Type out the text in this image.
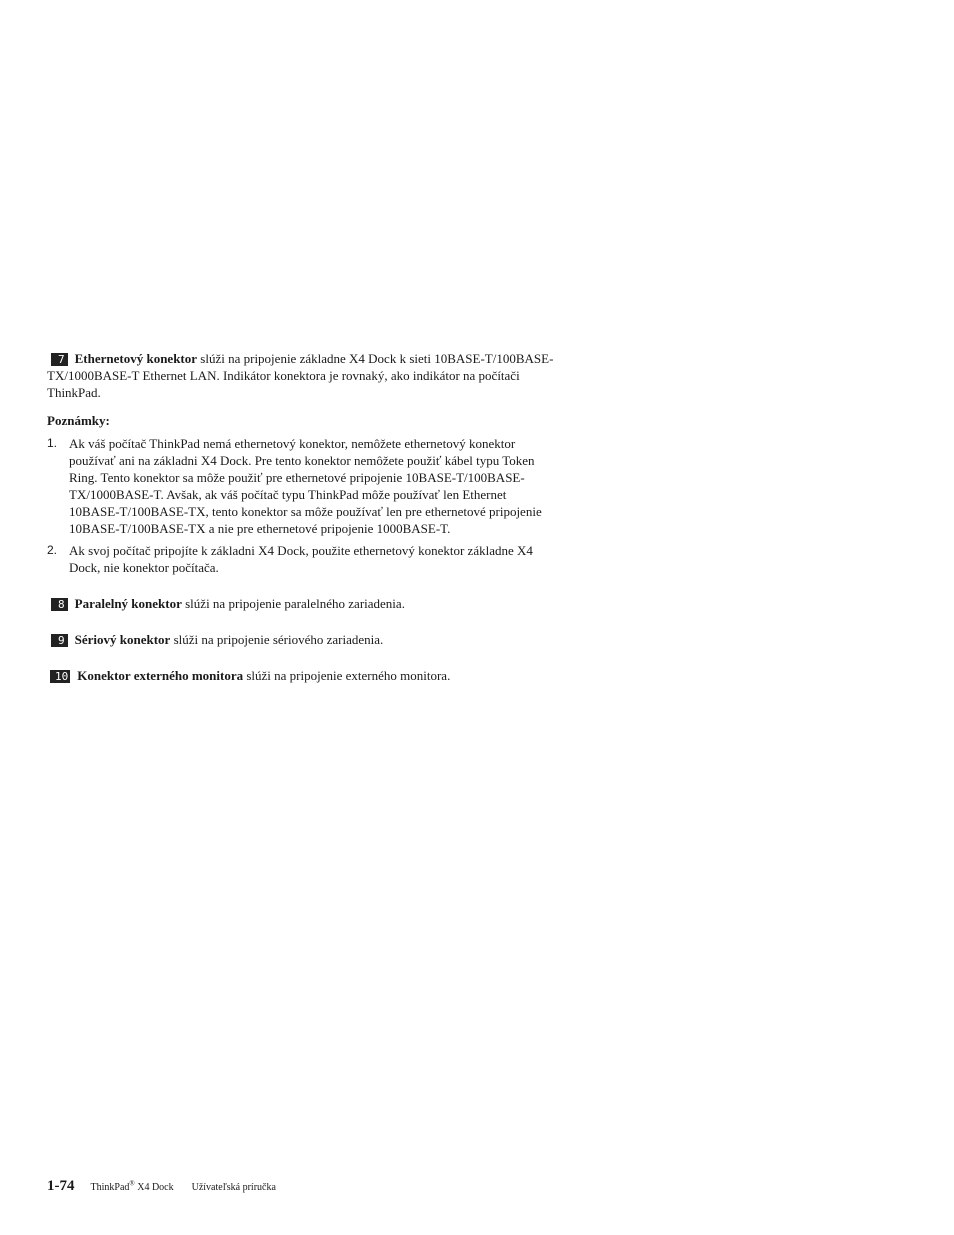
7 Ethernetový konektor slúži na pripojenie základne X4 Dock k sieti 10BASE-T/100BASE-TX/1000BASE-T Ethernet LAN. Indikátor konektora je rovnaký, ako indikátor na počítači ThinkPad.

Poznámky:
1. Ak váš počítač ThinkPad nemá ethernetový konektor, nemôžete ethernetový konektor používať ani na základni X4 Dock. Pre tento konektor nemôžete použiť kábel typu Token Ring. Tento konektor sa môže použiť pre ethernetové pripojenie 10BASE-T/100BASE-TX/1000BASE-T. Avšak, ak váš počítač typu ThinkPad môže používať len Ethernet 10BASE-T/100BASE-TX, tento konektor sa môže používať len pre ethernetové pripojenie 10BASE-T/100BASE-TX a nie pre ethernetové pripojenie 1000BASE-T.
2. Ak svoj počítač pripojíte k základni X4 Dock, použite ethernetový konektor základne X4 Dock, nie konektor počítača.

8 Paralelný konektor slúži na pripojenie paralelného zariadenia.

9 Sériový konektor slúži na pripojenie sériového zariadenia.

10 Konektor externého monitora slúži na pripojenie externého monitora.

1-74 ThinkPad® X4 Dock Užívateľská príručka
